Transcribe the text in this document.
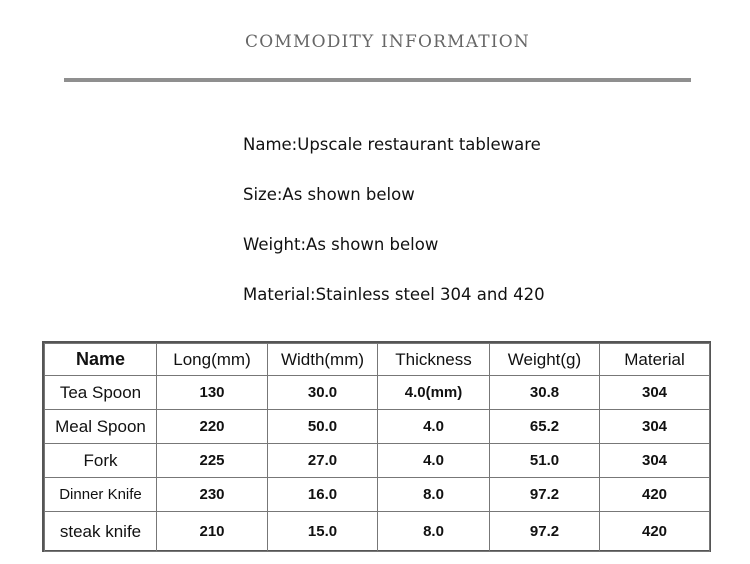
COMMODITY INFORMATION
Name:Upscale restaurant tableware
Size:As shown below
Weight:As shown below
Material:Stainless steel 304 and 420
Name	Long(mm)	Width(mm)	Thickness	Weight(g)	Material
Tea Spoon	130	30.0	4.0(mm)	30.8	304
Meal Spoon	220	50.0	4.0	65.2	304
Fork	225	27.0	4.0	51.0	304
Dinner Knife	230	16.0	8.0	97.2	420
steak knife	210	15.0	8.0	97.2	420
